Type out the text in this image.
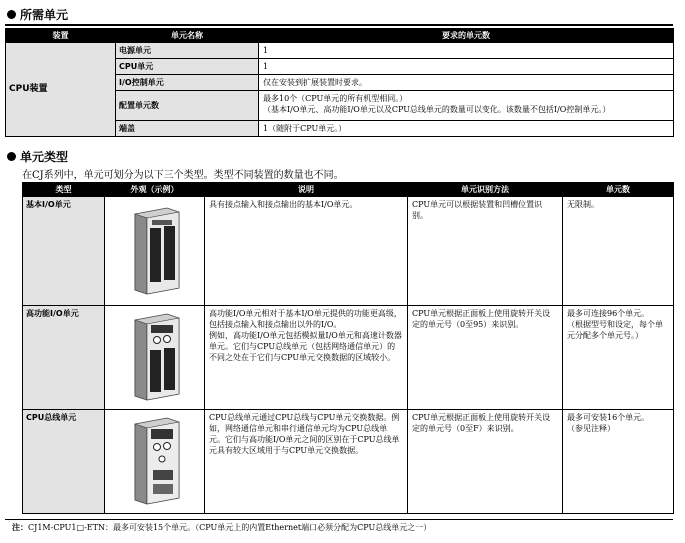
所需单元
装置	单元名称	要求的单元数
CPU装置	电源单元	1
	CPU单元	1
	I/O控制单元	仅在安装到扩展装置时要求。
	配置单元数	最多10个（CPU单元的所有机型相同。）
（基本I/O单元、高功能I/O单元以及CPU总线单元的数量可以变化。该数量不包括I/O控制单元。）
	端盖	1（随附于CPU单元。）
单元类型
在CJ系列中，单元可划分为以下三个类型。类型不同装置的数量也不同。
类型	外观（示例）	说明	单元识别方法	单元数
基本I/O单元		具有接点输入和接点输出的基本I/O单元。	CPU单元可以根据装置和凹槽位置识别。	无限制。
高功能I/O单元		高功能I/O单元相对于基本I/O单元提供的功能更高级，包括接点输入和接点输出以外的I/O。
例如，高功能I/O单元包括模拟量I/O单元和高速计数器单元。它们与CPU总线单元（包括网络通信单元）的不同之处在于它们与CPU单元交换数据的区域较小。	CPU单元根据正面板上使用旋转开关设定的单元号（0至95）来识别。	最多可连接96个单元。
（根据型号和设定，每个单元分配多个单元号。）
CPU总线单元		CPU总线单元通过CPU总线与CPU单元交换数据。例如，网络通信单元和串行通信单元均为CPU总线单元。它们与高功能I/O单元之间的区别在于CPU总线单元具有较大区域用于与CPU单元交换数据。	CPU单元根据正面板上使用旋转开关设定的单元号（0至F）来识别。	最多可安装16个单元。
（参见注释）
注：CJ1M-CPU1□-ETN：最多可安装15个单元。（CPU单元上的内置Ethernet端口必须分配为CPU总线单元之一）
